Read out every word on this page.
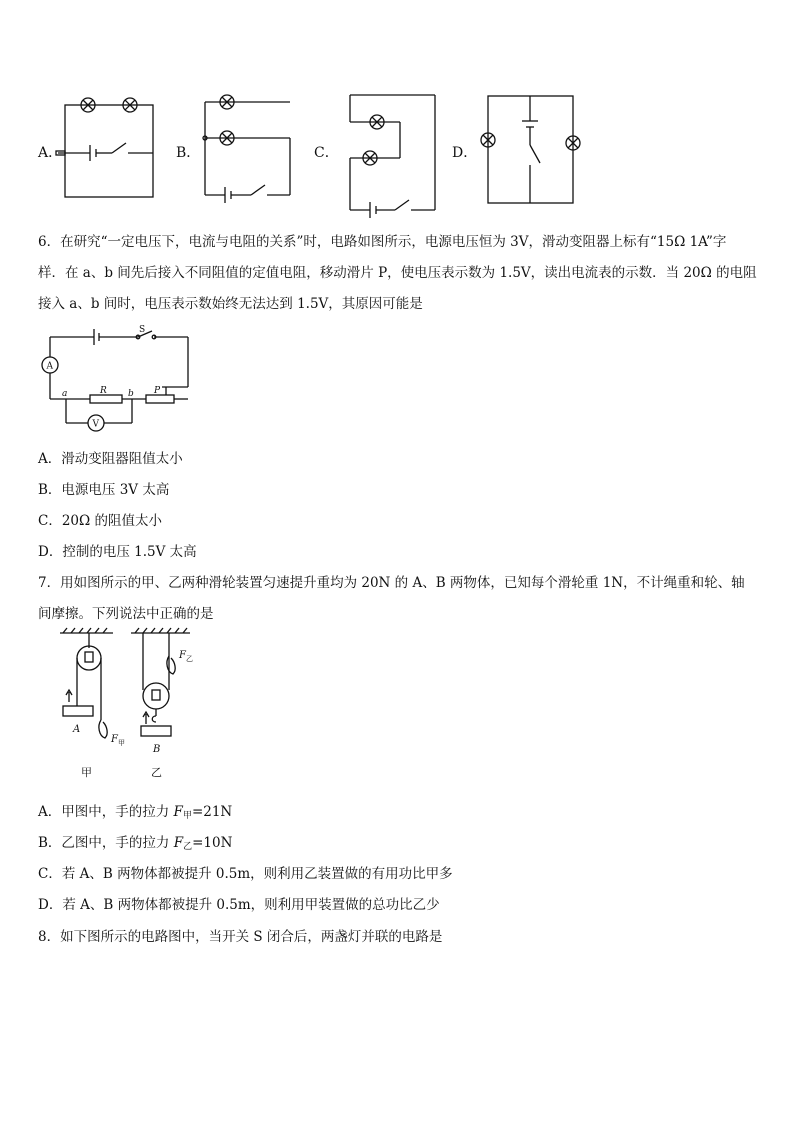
A．	B．	C．	D．
6．在研究“一定电压下，电流与电阻的关系”时，电路如图所示，电源电压恒为 3V，滑动变阻器上标有“15Ω 1A”字
样．在 a、b 间先后接入不同阻值的定值电阻，移动滑片 P，使电压表示数为 1.5V，读出电流表的示数．当 20Ω 的电阻
接入 a、b 间时，电压表示数始终无法达到 1.5V，其原因可能是
S
A
R	P
a	b
V
A．滑动变阻器阻值太小
B．电源电压 3V 太高
C．20Ω 的阻值太小
D．控制的电压 1.5V 太高
7．用如图所示的甲、乙两种滑轮装置匀速提升重均为 20N 的 A、B 两物体，已知每个滑轮重 1N，不计绳重和轮、轴
间摩擦。下列说法中正确的是
A
F 甲
甲
F 乙
B
乙
A．甲图中，手的拉力 $F_甲=21N$
B．乙图中，手的拉力 $F_乙=10N$
C．若 A、B 两物体都被提升 0.5m，则利用乙装置做的有用功比甲多
D．若 A、B 两物体都被提升 0.5m，则利用甲装置做的总功比乙少
8．如下图所示的电路图中，当开关 S 闭合后，两盏灯并联的电路是
